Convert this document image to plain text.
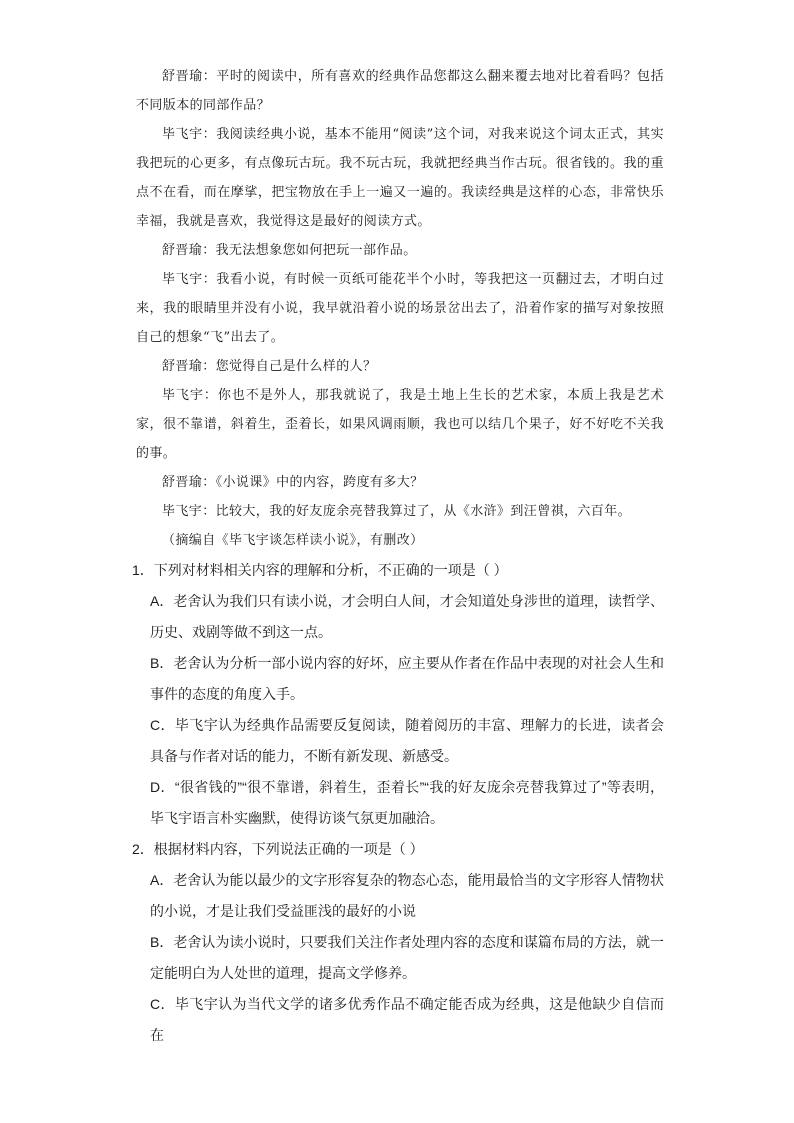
舒晋瑜：平时的阅读中，所有喜欢的经典作品您都这么翻来覆去地对比着看吗？包括不同版本的同部作品？

毕飞宇：我阅读经典小说，基本不能用“阅读”这个词，对我来说这个词太正式，其实我把玩的心更多，有点像玩古玩。我不玩古玩，我就把经典当作古玩。很省钱的。我的重点不在看，而在摩挲，把宝物放在手上一遍又一遍的。我读经典是这样的心态，非常快乐幸福，我就是喜欢，我觉得这是最好的阅读方式。

舒晋瑜：我无法想象您如何把玩一部作品。

毕飞宇：我看小说，有时候一页纸可能花半个小时，等我把这一页翻过去，才明白过来，我的眼睛里并没有小说，我早就沿着小说的场景岔出去了，沿着作家的描写对象按照自己的想象“飞”出去了。

舒晋瑜：您觉得自己是什么样的人？

毕飞宇：你也不是外人，那我就说了，我是土地上生长的艺术家，本质上我是艺术家，很不靠谱，斜着生，歪着长，如果风调雨顺，我也可以结几个果子，好不好吃不关我的事。

舒晋瑜：《小说课》中的内容，跨度有多大？

毕飞宇：比较大，我的好友庞余亮替我算过了，从《水浒》到汪曾祺，六百年。

（摘编自《毕飞宇谈怎样读小说》，有删改）

1．下列对材料相关内容的理解和分析，不正确的一项是（ ）

A．老舍认为我们只有读小说，才会明白人间，才会知道处身涉世的道理，读哲学、历史、戏剧等做不到这一点。

B．老舍认为分析一部小说内容的好坏，应主要从作者在作品中表现的对社会人生和事件的态度的角度入手。

C．毕飞宇认为经典作品需要反复阅读，随着阅历的丰富、理解力的长进，读者会具备与作者对话的能力，不断有新发现、新感受。

D．“很省钱的”“很不靠谱，斜着生，歪着长”“我的好友庞余亮替我算过了”等表明，毕飞宇语言朴实幽默，使得访谈气氛更加融洽。

2．根据材料内容，下列说法正确的一项是（ ）

A．老舍认为能以最少的文字形容复杂的物态心态，能用最恰当的文字形容人情物状的小说，才是让我们受益匪浅的最好的小说

B．老舍认为读小说时，只要我们关注作者处理内容的态度和谋篇布局的方法，就一定能明白为人处世的道理，提高文学修养。

C．毕飞宇认为当代文学的诸多优秀作品不确定能否成为经典，这是他缺少自信而在
